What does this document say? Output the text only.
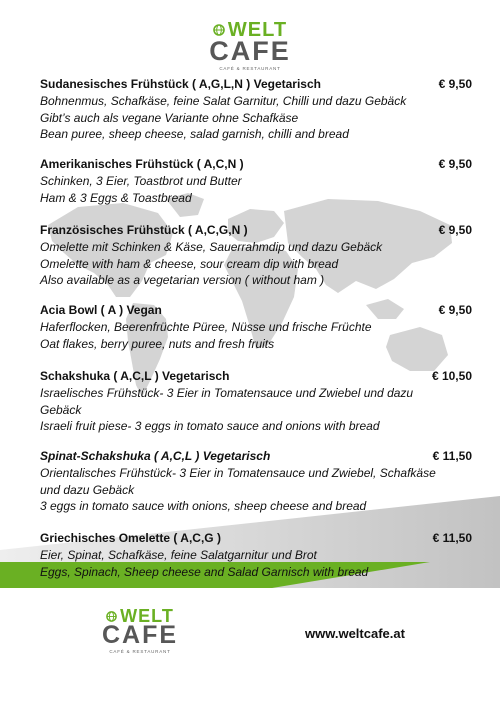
WELT
CAFE
CAFÉ & RESTAURANT
Sudanesisches Frühstück ( A,G,L,N ) Vegetarisch	€ 9,50
Bohnenmus, Schafkäse, feine Salat Garnitur, Chilli und dazu Gebäck
Gibt’s auch als vegane Variante ohne Schafkäse
Bean puree, sheep cheese, salad garnish, chilli and bread
Amerikanisches Frühstück ( A,C,N )	€ 9,50
Schinken, 3 Eier, Toastbrot und Butter
Ham & 3 Eggs & Toastbread
Französisches Frühstück ( A,C,G,N )	€ 9,50
Omelette mit Schinken & Käse, Sauerrahmdip und dazu Gebäck
Omelette with ham & cheese, sour cream dip with bread
Also available as a vegetarian version ( without ham )
Acia Bowl ( A ) Vegan	€ 9,50
Haferflocken, Beerenfrüchte Püree, Nüsse und frische Früchte
Oat flakes, berry puree, nuts and fresh fruits
Schakshuka ( A,C,L ) Vegetarisch	€ 10,50
Israelisches Frühstück- 3 Eier in Tomatensauce und Zwiebel und dazu Gebäck
Israeli fruit piese- 3 eggs in tomato sauce and onions with bread
Spinat-Schakshuka ( A,C,L ) Vegetarisch	€ 11,50
Orientalisches Frühstück- 3 Eier in Tomatensauce und Zwiebel, Schafkäse und dazu Gebäck
3 eggs in tomato sauce with onions, sheep cheese and bread
Griechisches Omelette ( A,C,G )	€ 11,50
Eier, Spinat, Schafkäse, feine Salatgarnitur und Brot
Eggs, Spinach, Sheep cheese and Salad Garnisch with bread
WELT
CAFE
CAFÉ & RESTAURANT
www.weltcafe.at
